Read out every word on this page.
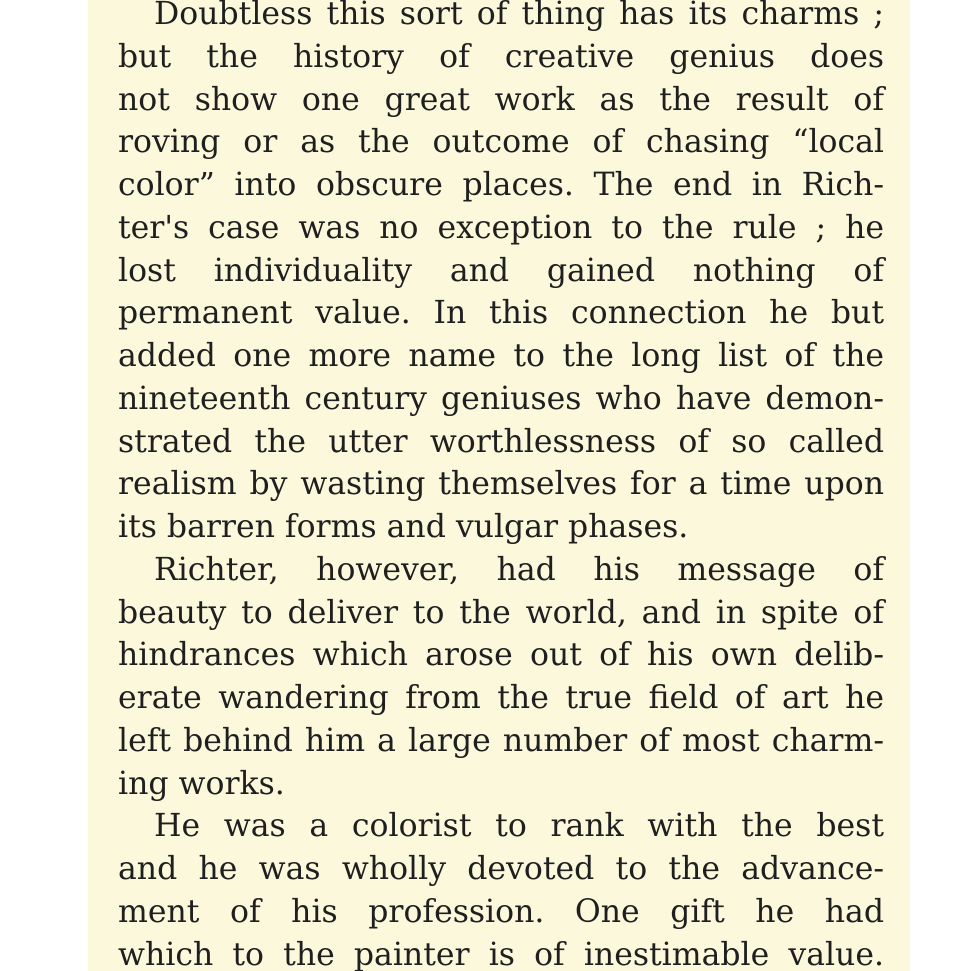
Doubtless this sort of thing has its charms ;
but the history of creative genius does
not show one great work as the result of
roving or as the outcome of chasing “local
color” into obscure places. The end in Rich-
ter's case was no exception to the rule ; he
lost individuality and gained nothing of
permanent value. In this connection he but
added one more name to the long list of the
nineteenth century geniuses who have demon-
strated the utter worthlessness of so called
realism by wasting themselves for a time upon
its barren forms and vulgar phases.
Richter, however, had his message of
beauty to deliver to the world, and in spite of
hindrances which arose out of his own delib-
erate wandering from the true field of art he
left behind him a large number of most charm-
ing works.
He was a colorist to rank with the best
and he was wholly devoted to the advance-
ment of his profession. One gift he had
which to the painter is of inestimable value.
